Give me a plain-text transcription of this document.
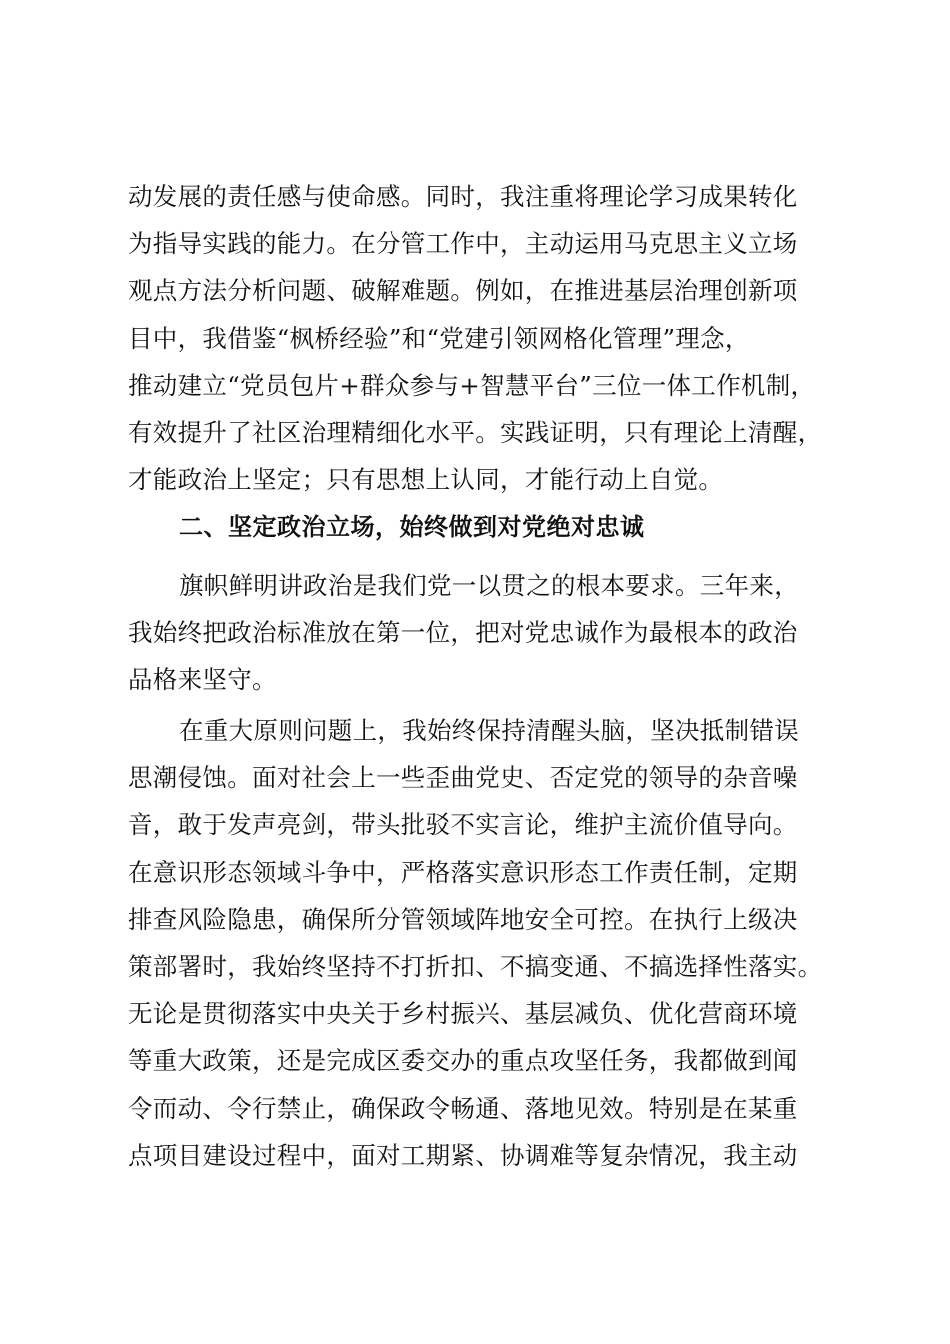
动发展的责任感与使命感。同时，我注重将理论学习成果转化
为指导实践的能力。在分管工作中，主动运用马克思主义立场
观点方法分析问题、破解难题。例如，在推进基层治理创新项
目中，我借鉴“枫桥经验”和“党建引领网格化管理”理念，
推动建立“党员包片+群众参与+智慧平台”三位一体工作机制，
有效提升了社区治理精细化水平。实践证明，只有理论上清醒，
才能政治上坚定；只有思想上认同，才能行动上自觉。
二、坚定政治立场，始终做到对党绝对忠诚
旗帜鲜明讲政治是我们党一以贯之的根本要求。三年来，
我始终把政治标准放在第一位，把对党忠诚作为最根本的政治
品格来坚守。
在重大原则问题上，我始终保持清醒头脑，坚决抵制错误
思潮侵蚀。面对社会上一些歪曲党史、否定党的领导的杂音噪
音，敢于发声亮剑，带头批驳不实言论，维护主流价值导向。
在意识形态领域斗争中，严格落实意识形态工作责任制，定期
排查风险隐患，确保所分管领域阵地安全可控。在执行上级决
策部署时，我始终坚持不打折扣、不搞变通、不搞选择性落实。
无论是贯彻落实中央关于乡村振兴、基层减负、优化营商环境
等重大政策，还是完成区委交办的重点攻坚任务，我都做到闻
令而动、令行禁止，确保政令畅通、落地见效。特别是在某重
点项目建设过程中，面对工期紧、协调难等复杂情况，我主动
